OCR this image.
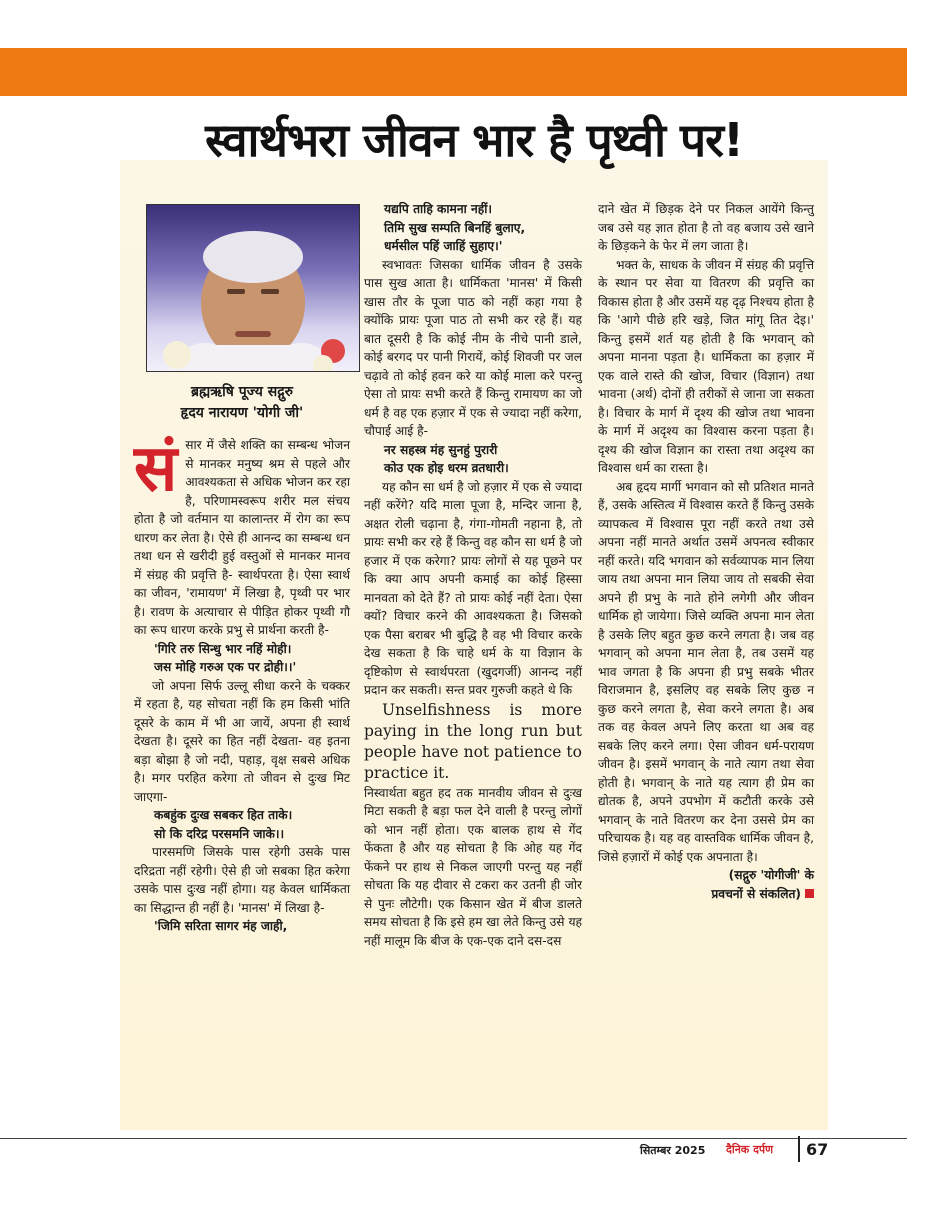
स्वार्थभरा जीवन भार है पृथ्वी पर!
ब्रह्मऋषि पूज्य सद्गुरु
हृदय नारायण 'योगी जी'

संसार में जैसे शक्ति का सम्बन्ध भोजन से मानकर मनुष्य श्रम से पहले और आवश्यकता से अधिक भोजन कर रहा है, परिणामस्वरूप शरीर मल संचय होता है जो वर्तमान या कालान्तर में रोग का रूप धारण कर लेता है। ऐसे ही आनन्द का सम्बन्ध धन तथा धन से खरीदी हुई वस्तुओं से मानकर मानव में संग्रह की प्रवृत्ति है- स्वार्थपरता है। ऐसा स्वार्थ का जीवन, 'रामायण' में लिखा है, पृथ्वी पर भार है। रावण के अत्याचार से पीड़ित होकर पृथ्वी गौ का रूप धारण करके प्रभु से प्रार्थना करती है-

'गिरि तरु सिन्धु भार नहिं मोही।

जस मोहि गरुअ एक पर द्रोही।।'

जो अपना सिर्फ उल्लू सीधा करने के चक्कर में रहता है, यह सोचता नहीं कि हम किसी भांति दूसरे के काम में भी आ जायें, अपना ही स्वार्थ देखता है। दूसरे का हित नहीं देखता- वह इतना बड़ा बोझा है जो नदी, पहाड़, वृक्ष सबसे अधिक है। मगर परहित करेगा तो जीवन से दुःख मिट जाएगा-

कबहुंक दुःख सबकर हित ताके।

सो कि दरिद्र परसमनि जाके।।

पारसमणि जिसके पास रहेगी उसके पास दरिद्रता नहीं रहेगी। ऐसे ही जो सबका हित करेगा उसके पास दुःख नहीं होगा। यह केवल धार्मिकता का सिद्धान्त ही नहीं है। 'मानस' में लिखा है-

'जिमि सरिता सागर मंह जाही,

यद्यपि ताहि कामना नहीं।

तिमि सुख सम्पति बिनहिं बुलाए,

धर्मसील पहिं जाहिं सुहाए।'

स्वभावतः जिसका धार्मिक जीवन है उसके पास सुख आता है। धार्मिकता 'मानस' में किसी खास तौर के पूजा पाठ को नहीं कहा गया है क्योंकि प्रायः पूजा पाठ तो सभी कर रहे हैं। यह बात दूसरी है कि कोई नीम के नीचे पानी डाले, कोई बरगद पर पानी गिरायें, कोई शिवजी पर जल चढ़ावे तो कोई हवन करे या कोई माला करे परन्तु ऐसा तो प्रायः सभी करते हैं किन्तु रामायण का जो धर्म है वह एक हज़ार में एक से ज्यादा नहीं करेगा, चौपाई आई है-

नर सहस्त्र मंह सुनहुं पुरारी

कोउ एक होइ धरम व्रतधारी।

यह कौन सा धर्म है जो हज़ार में एक से ज्यादा नहीं करेंगे? यदि माला पूजा है, मन्दिर जाना है, अक्षत रोली चढ़ाना है, गंगा-गोमती नहाना है, तो प्रायः सभी कर रहे हैं किन्तु वह कौन सा धर्म है जो हजार में एक करेगा? प्रायः लोगों से यह पूछने पर कि क्या आप अपनी कमाई का कोई हिस्सा मानवता को देते हैं? तो प्रायः कोई नहीं देता। ऐसा क्यों? विचार करने की आवश्यकता है। जिसको एक पैसा बराबर भी बुद्धि है वह भी विचार करके देख सकता है कि चाहे धर्म के या विज्ञान के दृष्टिकोण से स्वार्थपरता (खुदगर्जी) आनन्द नहीं प्रदान कर सकती। सन्त प्रवर गुरुजी कहते थे कि

Unselfishness is more paying in the long run but people have not patience to practice it.

निस्वार्थता बहुत हद तक मानवीय जीवन से दुःख मिटा सकती है बड़ा फल देने वाली है परन्तु लोगों को भान नहीं होता। एक बालक हाथ से गेंद फेंकता है और यह सोचता है कि ओह यह गेंद फेंकने पर हाथ से निकल जाएगी परन्तु यह नहीं सोचता कि यह दीवार से टकरा कर उतनी ही जोर से पुनः लौटेगी। एक किसान खेत में बीज डालते समय सोचता है कि इसे हम खा लेते किन्तु उसे यह नहीं मालूम कि बीज के एक-एक दाने दस-दस

दाने खेत में छिड़क देने पर निकल आयेंगे किन्तु जब उसे यह ज्ञात होता है तो वह बजाय उसे खाने के छिड़कने के फेर में लग जाता है।

भक्त के, साधक के जीवन में संग्रह की प्रवृत्ति के स्थान पर सेवा या वितरण की प्रवृत्ति का विकास होता है और उसमें यह दृढ़ निश्चय होता है कि 'आगे पीछे हरि खड़े, जित मांगू तित देइ।' किन्तु इसमें शर्त यह होती है कि भगवान् को अपना मानना पड़ता है। धार्मिकता का हज़ार में एक वाले रास्ते की खोज, विचार (विज्ञान) तथा भावना (अर्थ) दोनों ही तरीकों से जाना जा सकता है। विचार के मार्ग में दृश्य की खोज तथा भावना के मार्ग में अदृश्य का विश्वास करना पड़ता है। दृश्य की खोज विज्ञान का रास्ता तथा अदृश्य का विश्वास धर्म का रास्ता है।

अब हृदय मार्गी भगवान को सौ प्रतिशत मानते हैं, उसके अस्तित्व में विश्वास करते हैं किन्तु उसके व्यापकत्व में विश्वास पूरा नहीं करते तथा उसे अपना नहीं मानते अर्थात उसमें अपनत्व स्वीकार नहीं करते। यदि भगवान को सर्वव्यापक मान लिया जाय तथा अपना मान लिया जाय तो सबकी सेवा अपने ही प्रभु के नाते होने लगेगी और जीवन धार्मिक हो जायेगा। जिसे व्यक्ति अपना मान लेता है उसके लिए बहुत कुछ करने लगता है। जब वह भगवान् को अपना मान लेता है, तब उसमें यह भाव जगता है कि अपना ही प्रभु सबके भीतर विराजमान है, इसलिए वह सबके लिए कुछ न कुछ करने लगता है, सेवा करने लगता है। अब तक वह केवल अपने लिए करता था अब वह सबके लिए करने लगा। ऐसा जीवन धर्म-परायण जीवन है। इसमें भगवान् के नाते त्याग तथा सेवा होती है। भगवान् के नाते यह त्याग ही प्रेम का द्योतक है, अपने उपभोग में कटौती करके उसे भगवान् के नाते वितरण कर देना उससे प्रेम का परिचायक है। यह वह वास्तविक धार्मिक जीवन है, जिसे हज़ारों में कोई एक अपनाता है।

(सद्गुरु 'योगीजी' के

प्रवचनों से संकलित)

सितम्बर 2025 दैनिक दर्पण 67
